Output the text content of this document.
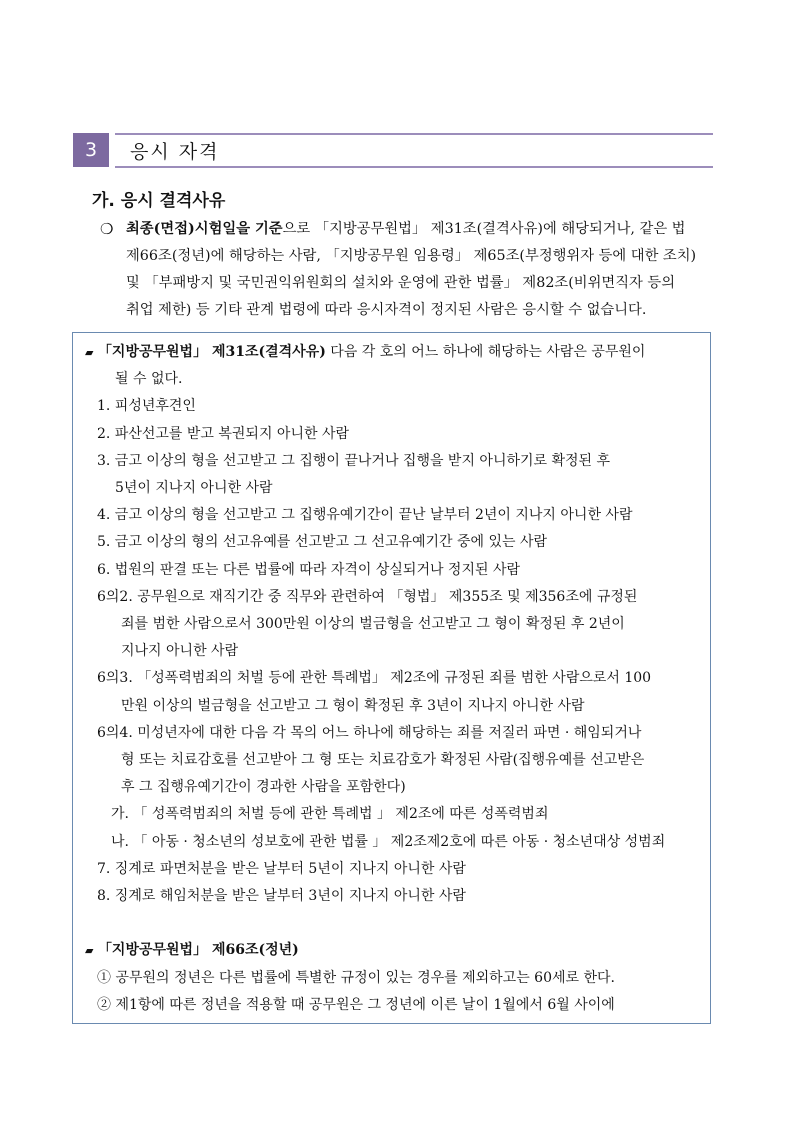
3	응시 자격
가. 응시 결격사유
❍ 최종(면접)시험일을 기준으로 「지방공무원법」 제31조(결격사유)에 해당되거나, 같은 법
제66조(정년)에 해당하는 사람, 「지방공무원 임용령」 제65조(부정행위자 등에 대한 조치)
및 「부패방지 및 국민권익위원회의 설치와 운영에 관한 법률」 제82조(비위면직자 등의
취업 제한) 등 기타 관계 법령에 따라 응시자격이 정지된 사람은 응시할 수 없습니다.
▰ 「지방공무원법」 제31조(결격사유) 다음 각 호의 어느 하나에 해당하는 사람은 공무원이
될 수 없다.
1. 피성년후견인
2. 파산선고를 받고 복권되지 아니한 사람
3. 금고 이상의 형을 선고받고 그 집행이 끝나거나 집행을 받지 아니하기로 확정된 후
5년이 지나지 아니한 사람
4. 금고 이상의 형을 선고받고 그 집행유예기간이 끝난 날부터 2년이 지나지 아니한 사람
5. 금고 이상의 형의 선고유예를 선고받고 그 선고유예기간 중에 있는 사람
6. 법원의 판결 또는 다른 법률에 따라 자격이 상실되거나 정지된 사람
6의2. 공무원으로 재직기간 중 직무와 관련하여 「형법」 제355조 및 제356조에 규정된
죄를 범한 사람으로서 300만원 이상의 벌금형을 선고받고 그 형이 확정된 후 2년이
지나지 아니한 사람
6의3. 「성폭력범죄의 처벌 등에 관한 특례법」 제2조에 규정된 죄를 범한 사람으로서 100
만원 이상의 벌금형을 선고받고 그 형이 확정된 후 3년이 지나지 아니한 사람
6의4. 미성년자에 대한 다음 각 목의 어느 하나에 해당하는 죄를 저질러 파면 · 해임되거나
형 또는 치료감호를 선고받아 그 형 또는 치료감호가 확정된 사람(집행유예를 선고받은
후 그 집행유예기간이 경과한 사람을 포함한다)
가. 「 성폭력범죄의 처벌 등에 관한 특례법 」 제2조에 따른 성폭력범죄
나. 「 아동 · 청소년의 성보호에 관한 법률 」 제2조제2호에 따른 아동 · 청소년대상 성범죄
7. 징계로 파면처분을 받은 날부터 5년이 지나지 아니한 사람
8. 징계로 해임처분을 받은 날부터 3년이 지나지 아니한 사람
▰ 「지방공무원법」 제66조(정년)
① 공무원의 정년은 다른 법률에 특별한 규정이 있는 경우를 제외하고는 60세로 한다.
② 제1항에 따른 정년을 적용할 때 공무원은 그 정년에 이른 날이 1월에서 6월 사이에
